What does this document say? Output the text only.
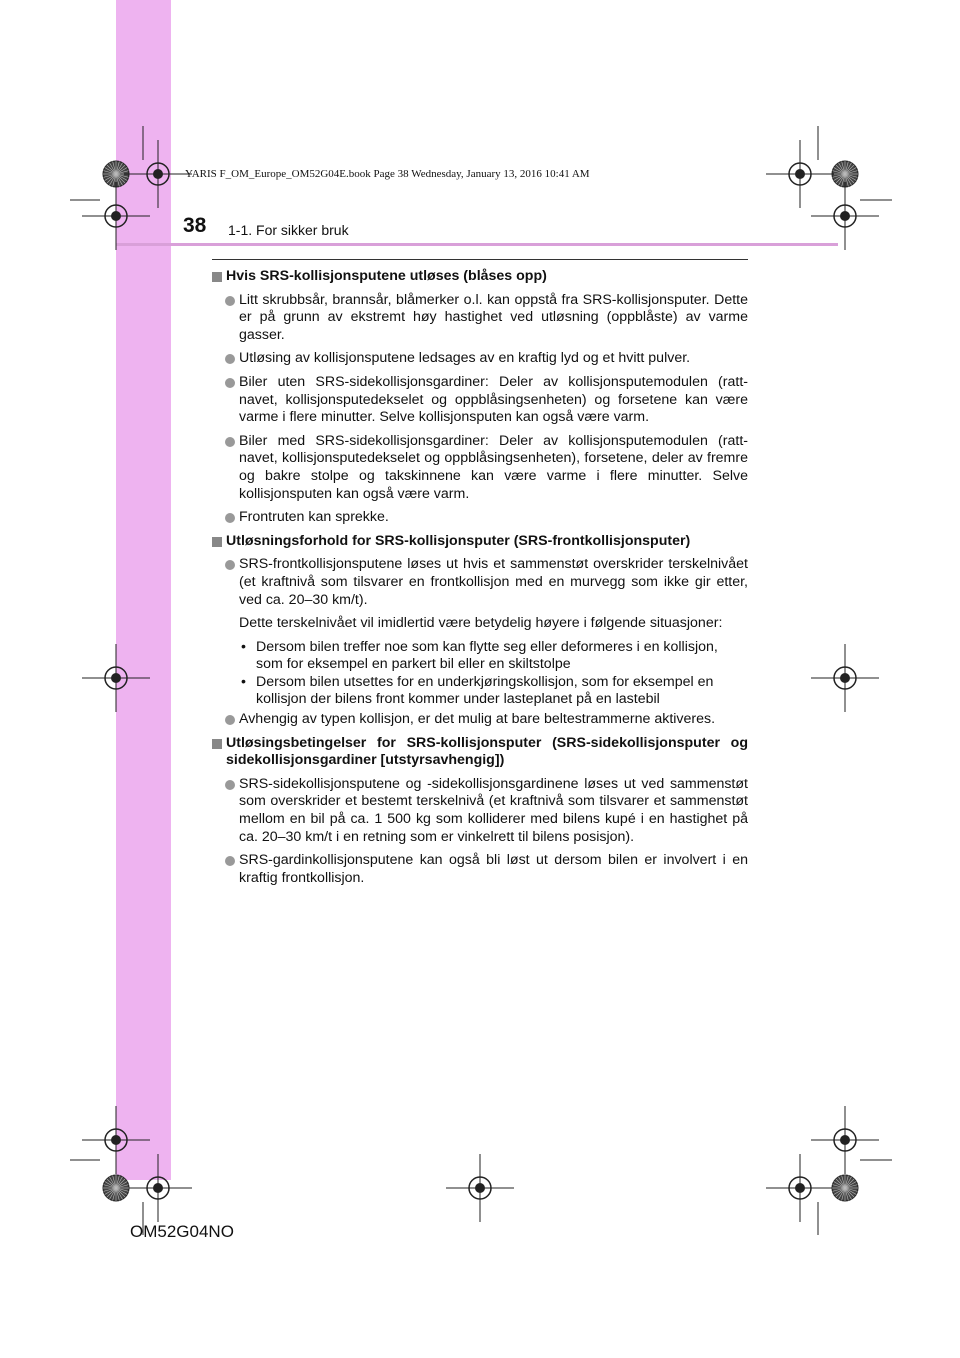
38 1-1. For sikker bruk
YARIS F_OM_Europe_OM52G04E.book Page 38 Wednesday, January 13, 2016 10:41 AM
OM52G04NO
Hvis SRS-kollisjonsputene utløses (blåses opp)
Litt skrubbsår, brannsår, blåmerker o.l. kan oppstå fra SRS-kollisjonsputer. Dette er på grunn av ekstremt høy hastighet ved utløsning (oppblåste) av varme gasser.
Utløsing av kollisjonsputene ledsages av en kraftig lyd og et hvitt pulver.
Biler uten SRS-sidekollisjonsgardiner: Deler av kollisjonsputemodulen (ratt-navet, kollisjonsputedekselet og oppblåsingsenheten) og forsetene kan være varme i flere minutter. Selve kollisjonsputen kan også være varm.
Biler med SRS-sidekollisjonsgardiner: Deler av kollisjonsputemodulen (ratt-navet, kollisjonsputedekselet og oppblåsingsenheten), forsetene, deler av fremre og bakre stolpe og takskinnene kan være varme i flere minutter. Selve kollisjonsputen kan også være varm.
Frontruten kan sprekke.
Utløsningsforhold for SRS-kollisjonsputer (SRS-frontkollisjonsputer)
SRS-frontkollisjonsputene løses ut hvis et sammenstøt overskrider terskelnivået (et kraftnivå som tilsvarer en frontkollisjon med en murvegg som ikke gir etter, ved ca. 20–30 km/t).
Dette terskelnivået vil imidlertid være betydelig høyere i følgende situasjoner:
• Dersom bilen treffer noe som kan flytte seg eller deformeres i en kollisjon, som for eksempel en parkert bil eller en skiltstolpe
• Dersom bilen utsettes for en underkjøringskollisjon, som for eksempel en kollisjon der bilens front kommer under lasteplanet på en lastebil
Avhengig av typen kollisjon, er det mulig at bare beltestrammerne aktiveres.
Utløsingsbetingelser for SRS-kollisjonsputer (SRS-sidekollisjonsputer og sidekollisjonsgardiner [utstyrsavhengig])
SRS-sidekollisjonsputene og -sidekollisjonsgardinene løses ut ved sammenstøt som overskrider et bestemt terskelnivå (et kraftnivå som tilsvarer et sammenstøt mellom en bil på ca. 1 500 kg som kolliderer med bilens kupé i en hastighet på ca. 20–30 km/t i en retning som er vinkelrett til bilens posisjon).
SRS-gardinkollisjonsputene kan også bli løst ut dersom bilen er involvert i en kraftig frontkollisjon.
